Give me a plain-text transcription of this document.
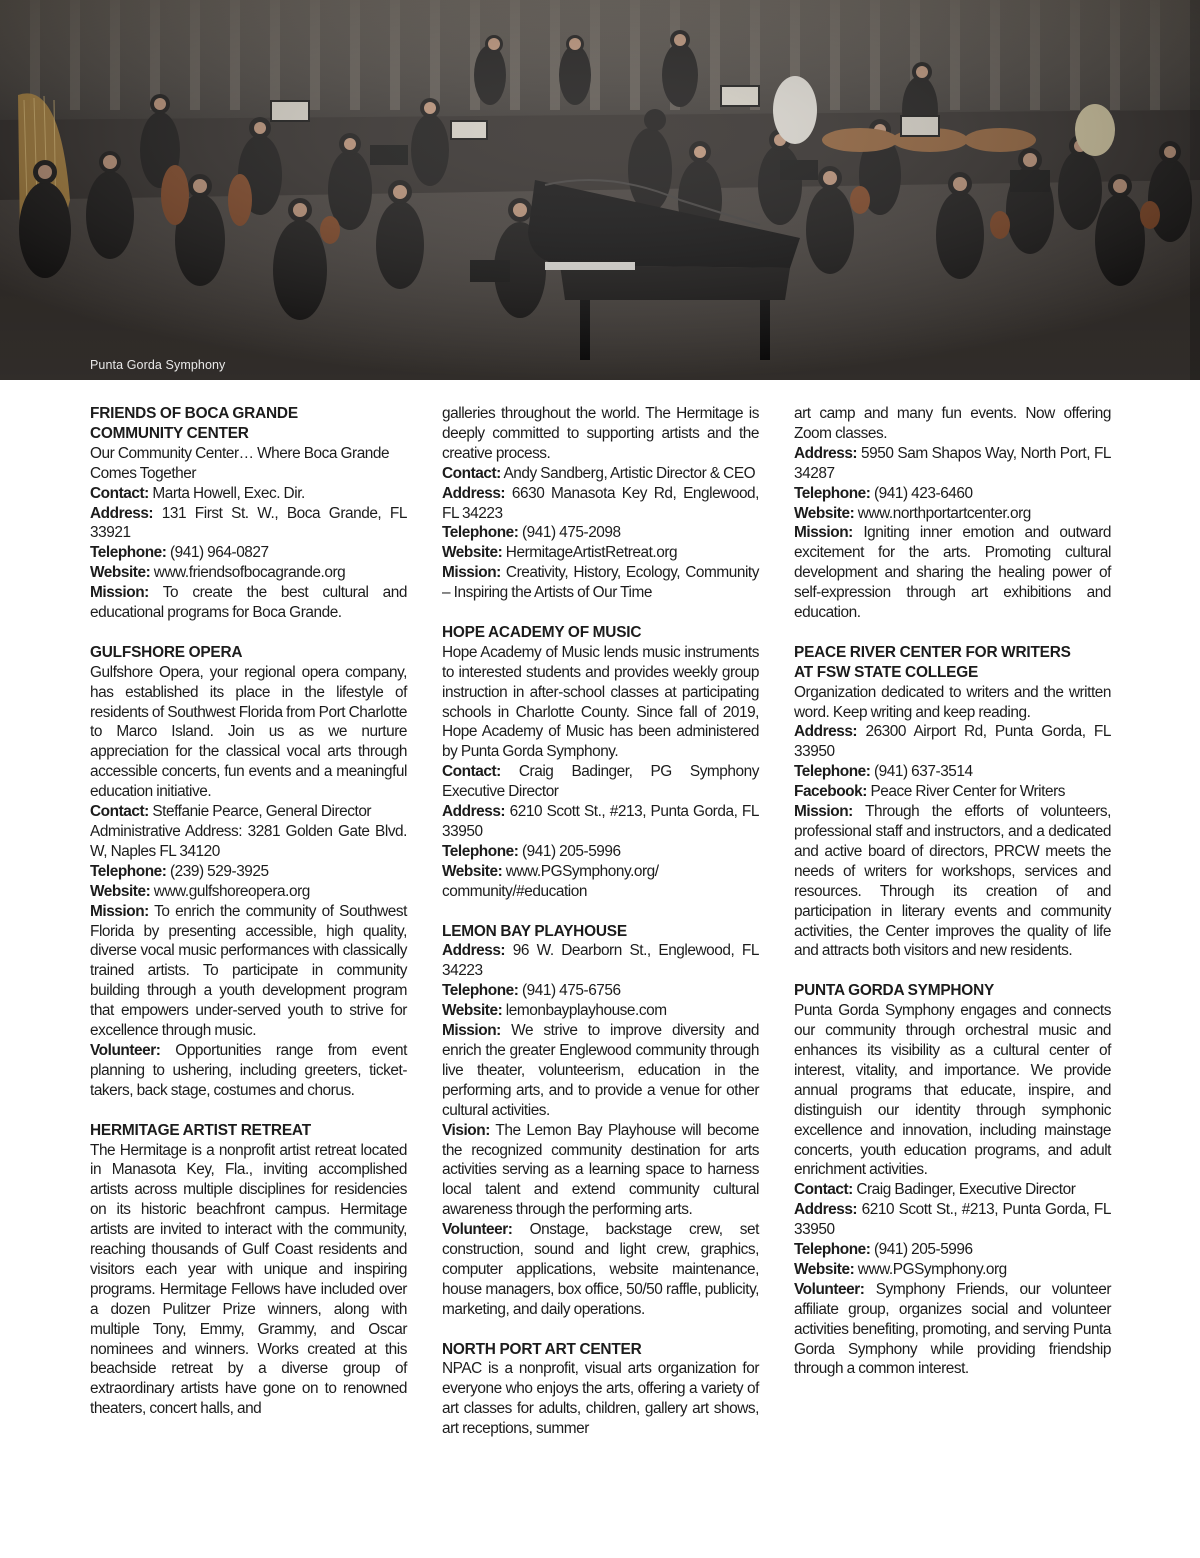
Punta Gorda Symphony
FRIENDS OF BOCA GRANDE
COMMUNITY CENTER

Our Community Center… Where Boca Grande Comes Together

Contact: Marta Howell, Exec. Dir.

Address: 131 First St. W., Boca Grande, FL 33921

Telephone: (941) 964-0827

Website: www.friendsofbocagrande.org

Mission: To create the best cultural and educational programs for Boca Grande.

GULFSHORE OPERA

Gulfshore Opera, your regional opera company, has established its place in the lifestyle of residents of Southwest Florida from Port Charlotte to Marco Island. Join us as we nurture appreciation for the classical vocal arts through accessible concerts, fun events and a meaningful education initiative.

Contact: Steffanie Pearce, General Director

Administrative Address: 3281 Golden Gate Blvd. W, Naples FL 34120

Telephone: (239) 529-3925

Website: www.gulfshoreopera.org

Mission: To enrich the community of Southwest Florida by presenting accessible, high quality, diverse vocal music performances with classically trained artists. To participate in community building through a youth development program that empowers under-served youth to strive for excellence through music.

Volunteer: Opportunities range from event planning to ushering, including greeters, ticket-takers, back stage, costumes and chorus.

HERMITAGE ARTIST RETREAT

The Hermitage is a nonprofit artist retreat located in Manasota Key, Fla., inviting accomplished artists across multiple disciplines for residencies on its historic beachfront campus. Hermitage artists are invited to interact with the community, reaching thousands of Gulf Coast residents and visitors each year with unique and inspiring programs. Hermitage Fellows have included over a dozen Pulitzer Prize winners, along with multiple Tony, Emmy, Grammy, and Oscar nominees and winners. Works created at this beachside retreat by a diverse group of extraordinary artists have gone on to renowned theaters, concert halls, and

galleries throughout the world. The Hermitage is deeply committed to supporting artists and the creative process.

Contact: Andy Sandberg, Artistic Director & CEO

Address: 6630 Manasota Key Rd, Englewood, FL 34223

Telephone: (941) 475-2098

Website: HermitageArtistRetreat.org

Mission: Creativity, History, Ecology, Community – Inspiring the Artists of Our Time

HOPE ACADEMY OF MUSIC

Hope Academy of Music lends music instruments to interested students and provides weekly group instruction in after-school classes at participating schools in Charlotte County. Since fall of 2019, Hope Academy of Music has been administered by Punta Gorda Symphony.

Contact: Craig Badinger, PG Symphony Executive Director

Address: 6210 Scott St., #213, Punta Gorda, FL 33950

Telephone: (941) 205-5996

Website: www.PGSymphony.org/ community/#education

LEMON BAY PLAYHOUSE

Address: 96 W. Dearborn St., Englewood, FL 34223

Telephone: (941) 475-6756

Website: lemonbayplayhouse.com

Mission: We strive to improve diversity and enrich the greater Englewood community through live theater, volunteerism, education in the performing arts, and to provide a venue for other cultural activities.

Vision: The Lemon Bay Playhouse will become the recognized community destination for arts activities serving as a learning space to harness local talent and extend community cultural awareness through the performing arts.

Volunteer: Onstage, backstage crew, set construction, sound and light crew, graphics, computer applications, website maintenance, house managers, box office, 50/50 raffle, publicity, marketing, and daily operations.

NORTH PORT ART CENTER

NPAC is a nonprofit, visual arts organization for everyone who enjoys the arts, offering a variety of art classes for adults, children, gallery art shows, art receptions, summer

art camp and many fun events. Now offering Zoom classes.

Address: 5950 Sam Shapos Way, North Port, FL 34287

Telephone: (941) 423-6460

Website: www.northportartcenter.org

Mission: Igniting inner emotion and outward excitement for the arts. Promoting cultural development and sharing the healing power of self-expression through art exhibitions and education.

PEACE RIVER CENTER FOR WRITERS
AT FSW STATE COLLEGE

Organization dedicated to writers and the written word. Keep writing and keep reading.

Address: 26300 Airport Rd, Punta Gorda, FL 33950

Telephone: (941) 637-3514

Facebook: Peace River Center for Writers

Mission: Through the efforts of volunteers, professional staff and instructors, and a dedicated and active board of directors, PRCW meets the needs of writers for workshops, services and resources. Through its creation of and participation in literary events and community activities, the Center improves the quality of life and attracts both visitors and new residents.

PUNTA GORDA SYMPHONY

Punta Gorda Symphony engages and connects our community through orchestral music and enhances its visibility as a cultural center of interest, vitality, and importance. We provide annual programs that educate, inspire, and distinguish our identity through symphonic excellence and innovation, including mainstage concerts, youth education programs, and adult enrichment activities.

Contact: Craig Badinger, Executive Director

Address: 6210 Scott St., #213, Punta Gorda, FL 33950

Telephone: (941) 205-5996

Website: www.PGSymphony.org

Volunteer: Symphony Friends, our volunteer affiliate group, organizes social and volunteer activities benefiting, promoting, and serving Punta Gorda Symphony while providing friendship through a common interest.
